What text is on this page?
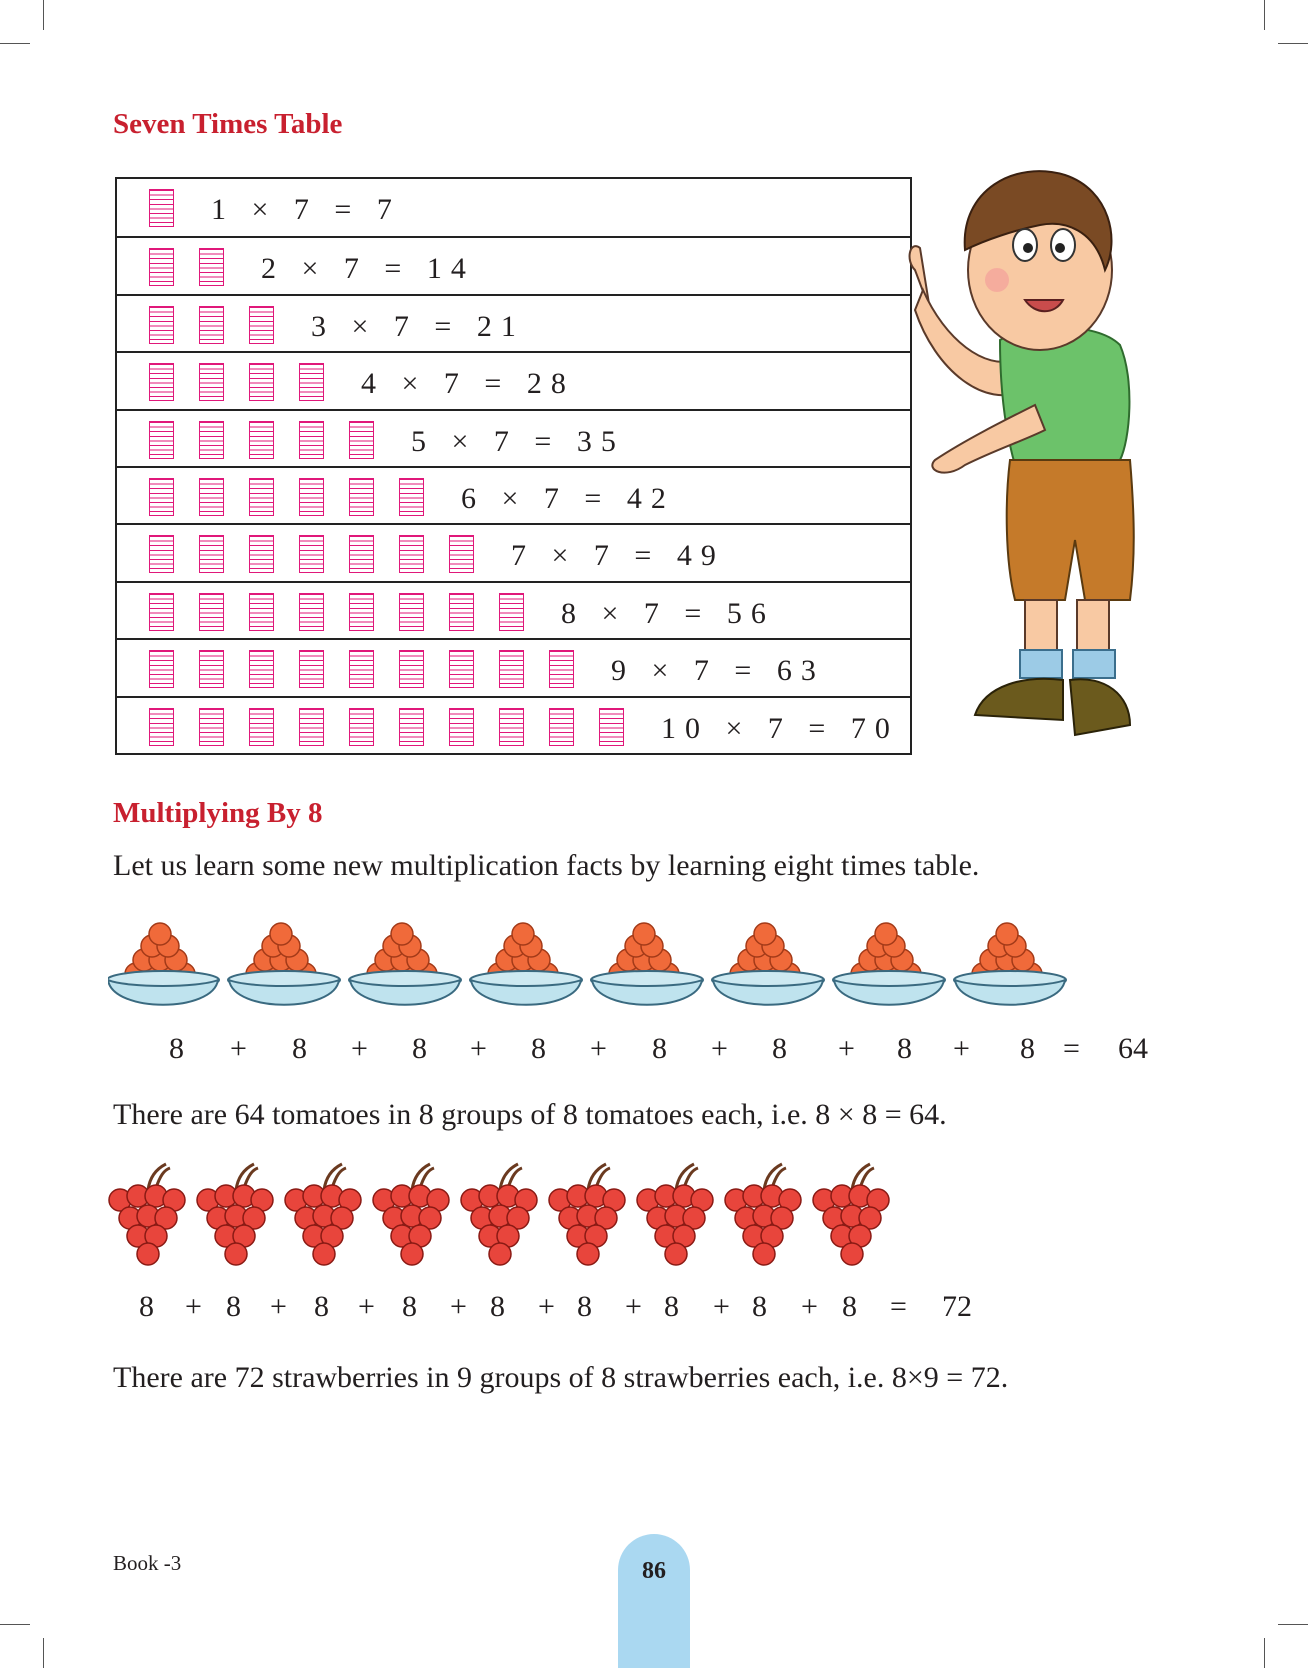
Seven Times Table
1 × 7 = 7
2 × 7 = 14
3 × 7 = 21
4 × 7 = 28
5 × 7 = 35
6 × 7 = 42
7 × 7 = 49
8 × 7 = 56
9 × 7 = 63
10 × 7 = 70
Multiplying By 8

Let us learn some new multiplication facts by learning eight times table.

8 + 8 + 8 + 8 + 8 + 8 + 8 + 8 = 64

There are 64 tomatoes in 8 groups of 8 tomatoes each, i.e. 8 × 8 = 64.

8 + 8 + 8 + 8 + 8 + 8 + 8 + 8 + 8 = 72

There are 72 strawberries in 9 groups of 8 strawberries each, i.e. 8×9 = 72.

Book -3	86
